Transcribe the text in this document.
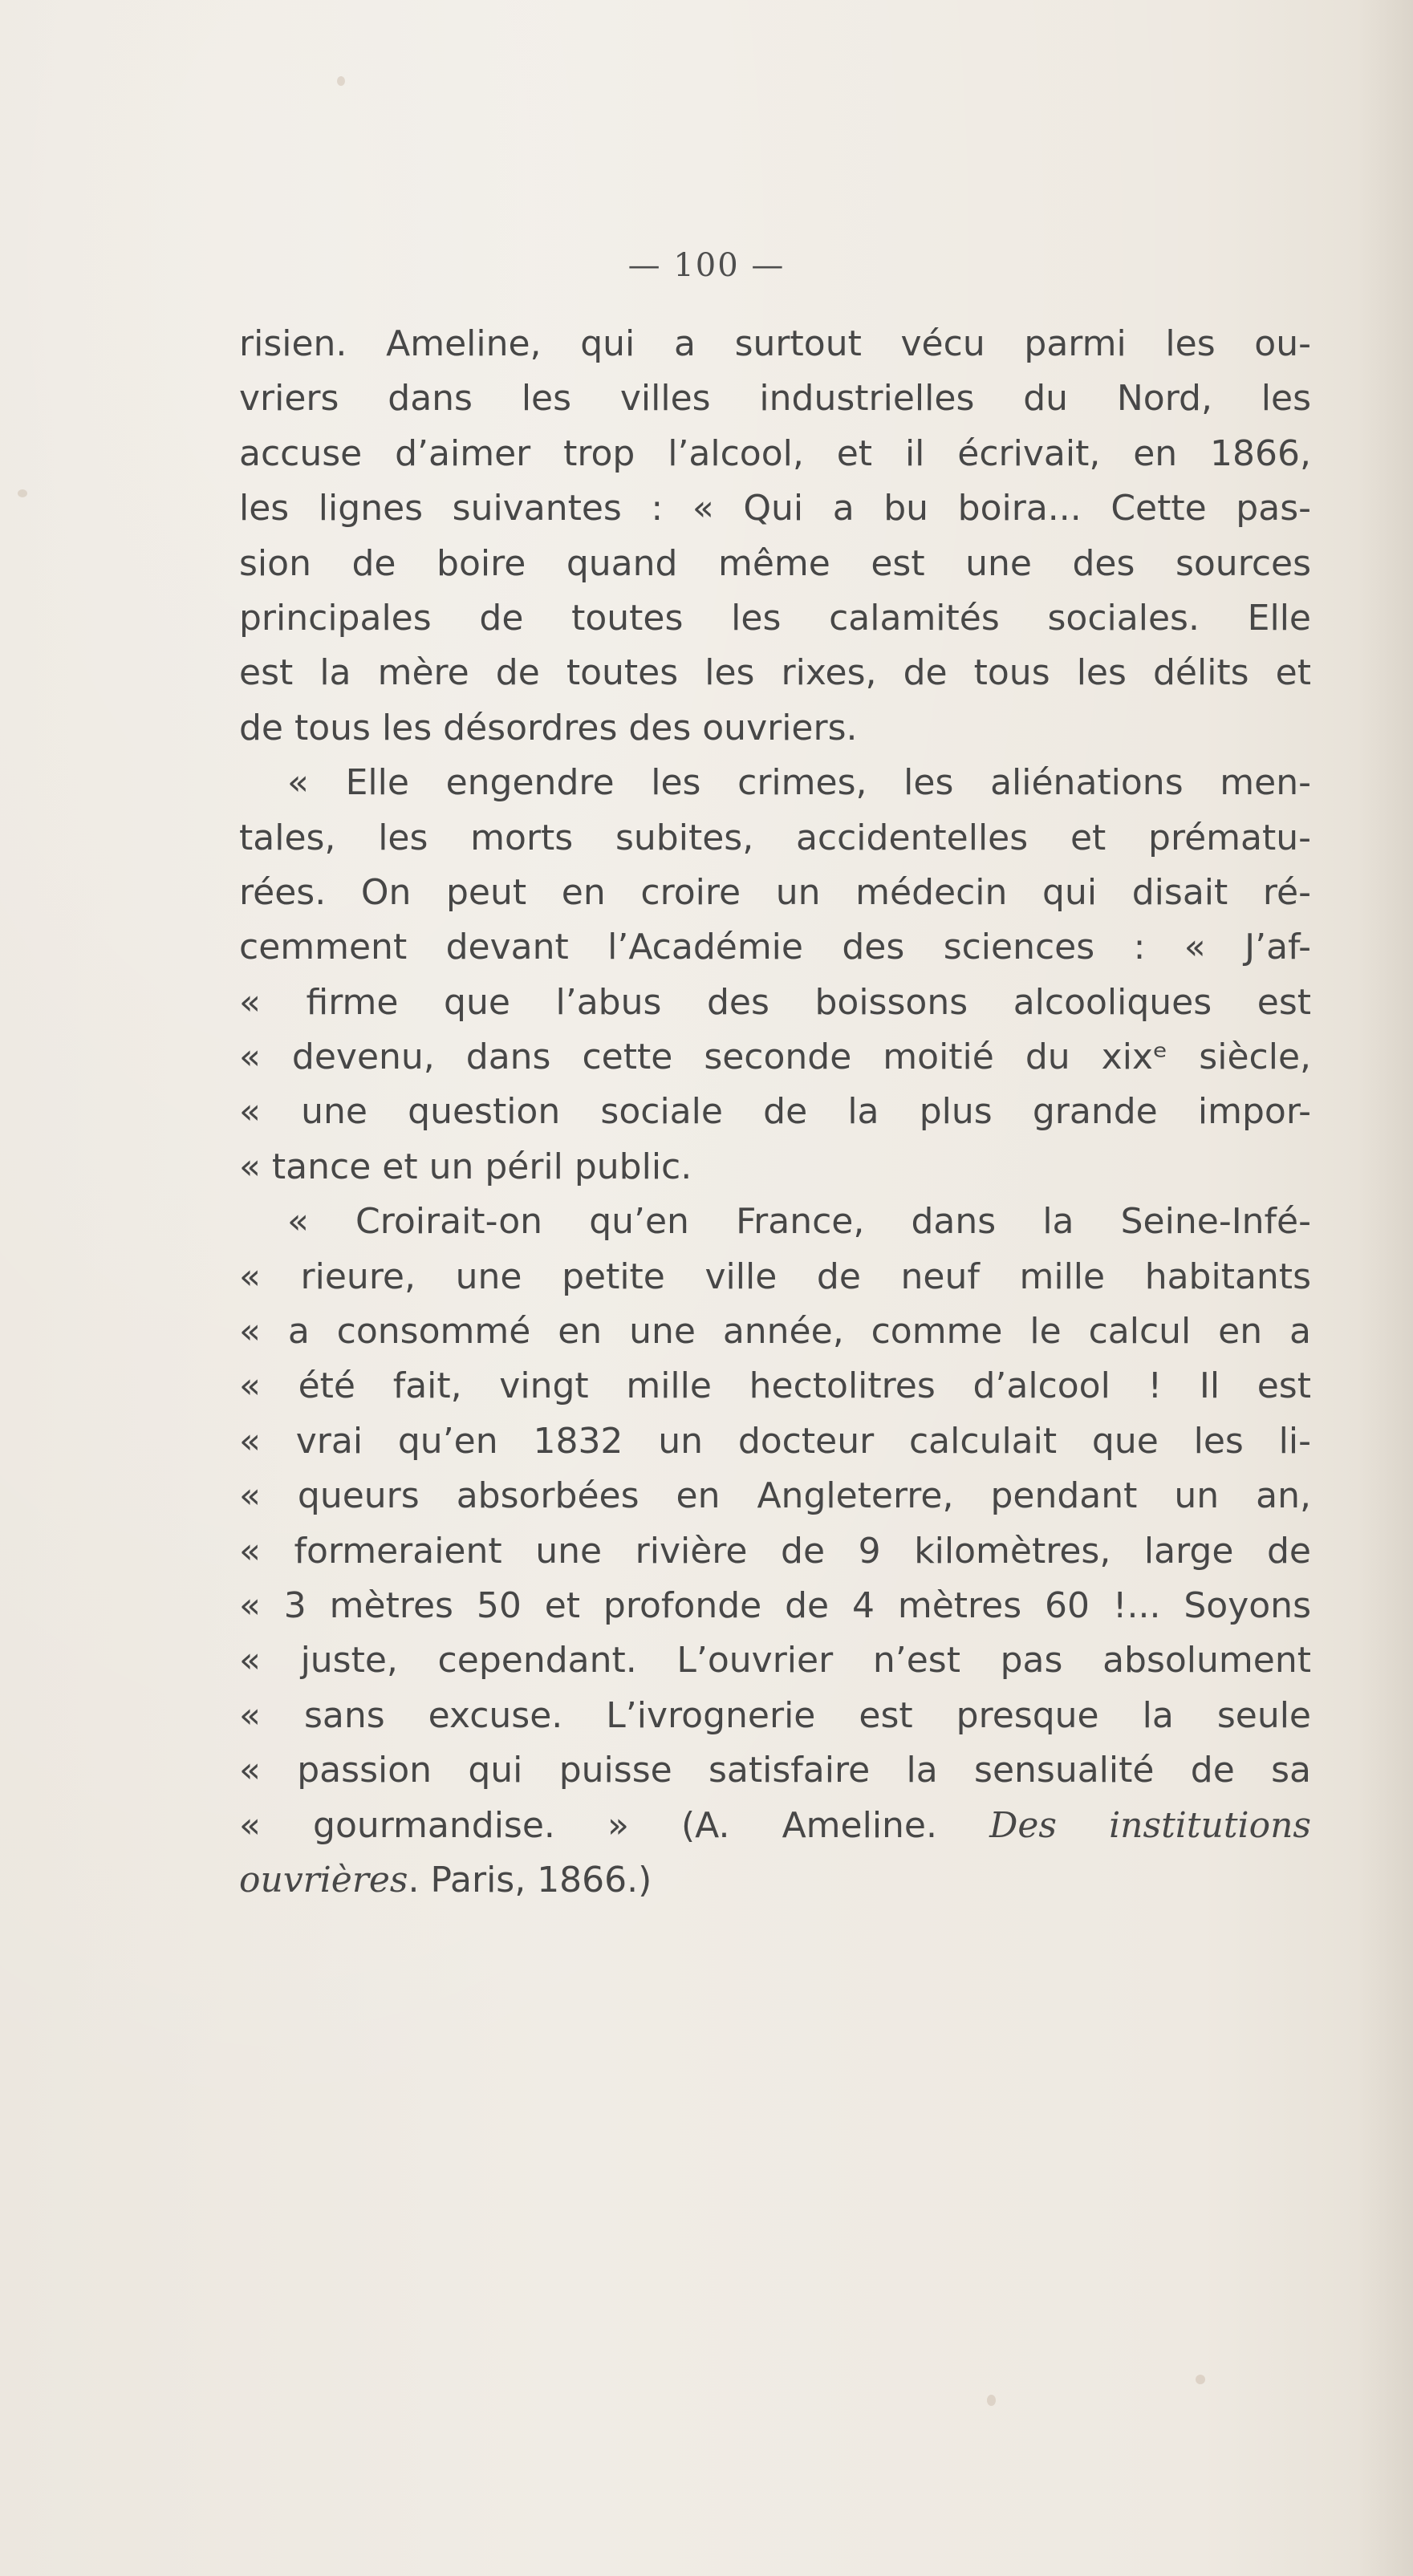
— 100 —
risien. Ameline, qui a surtout vécu parmi les ou-
vriers dans les villes industrielles du Nord, les
accuse d’aimer trop l’alcool, et il écrivait, en 1866,
les lignes suivantes : « Qui a bu boira... Cette pas-
sion de boire quand même est une des sources
principales de toutes les calamités sociales. Elle
est la mère de toutes les rixes, de tous les délits et
de tous les désordres des ouvriers.
« Elle engendre les crimes, les aliénations men-
tales, les morts subites, accidentelles et prématu-
rées. On peut en croire un médecin qui disait ré-
cemment devant l’Académie des sciences : « J’af-
« firme que l’abus des boissons alcooliques est
« devenu, dans cette seconde moitié du xixᵉ siècle,
« une question sociale de la plus grande impor-
« tance et un péril public.
« Croirait-on qu’en France, dans la Seine-Infé-
« rieure, une petite ville de neuf mille habitants
« a consommé en une année, comme le calcul en a
« été fait, vingt mille hectolitres d’alcool ! Il est
« vrai qu’en 1832 un docteur calculait que les li-
« queurs absorbées en Angleterre, pendant un an,
« formeraient une rivière de 9 kilomètres, large de
« 3 mètres 50 et profonde de 4 mètres 60 !... Soyons
« juste, cependant. L’ouvrier n’est pas absolument
« sans excuse. L’ivrognerie est presque la seule
« passion qui puisse satisfaire la sensualité de sa
« gourmandise. » (A. Ameline. Des institutions
ouvrières. Paris, 1866.)
